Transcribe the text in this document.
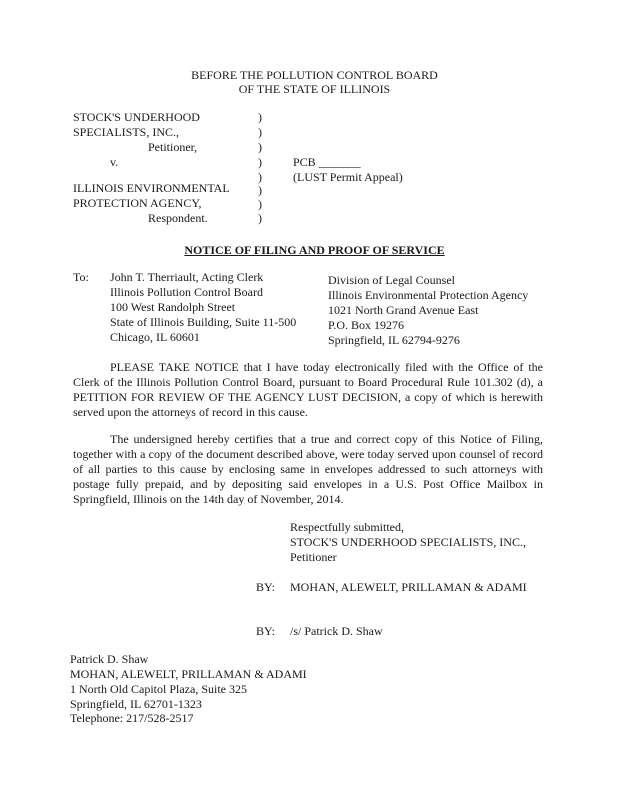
BEFORE THE POLLUTION CONTROL BOARD
OF THE STATE OF ILLINOIS
STOCK'S UNDERHOOD
SPECIALISTS, INC.,
Petitioner,
v.
ILLINOIS ENVIRONMENTAL
PROTECTION AGENCY,
Respondent.
)
)
)
)
)
)
)
)
PCB _______
(LUST Permit Appeal)
NOTICE OF FILING AND PROOF OF SERVICE
To: John T. Therriault, Acting Clerk
Illinois Pollution Control Board
100 West Randolph Street
State of Illinois Building, Suite 11-500
Chicago, IL 60601
Division of Legal Counsel
Illinois Environmental Protection Agency
1021 North Grand Avenue East
P.O. Box 19276
Springfield, IL 62794-9276
PLEASE TAKE NOTICE that I have today electronically filed with the Office of the Clerk of the Illinois Pollution Control Board, pursuant to Board Procedural Rule 101.302 (d), a PETITION FOR REVIEW OF THE AGENCY LUST DECISION, a copy of which is herewith served upon the attorneys of record in this cause.
The undersigned hereby certifies that a true and correct copy of this Notice of Filing, together with a copy of the document described above, were today served upon counsel of record of all parties to this cause by enclosing same in envelopes addressed to such attorneys with postage fully prepaid, and by depositing said envelopes in a U.S. Post Office Mailbox in Springfield, Illinois on the 14th day of November, 2014.
Respectfully submitted,
STOCK'S UNDERHOOD SPECIALISTS, INC.,
Petitioner
BY: MOHAN, ALEWELT, PRILLAMAN & ADAMI
BY: /s/ Patrick D. Shaw
Patrick D. Shaw
MOHAN, ALEWELT, PRILLAMAN & ADAMI
1 North Old Capitol Plaza, Suite 325
Springfield, IL 62701-1323
Telephone: 217/528-2517
